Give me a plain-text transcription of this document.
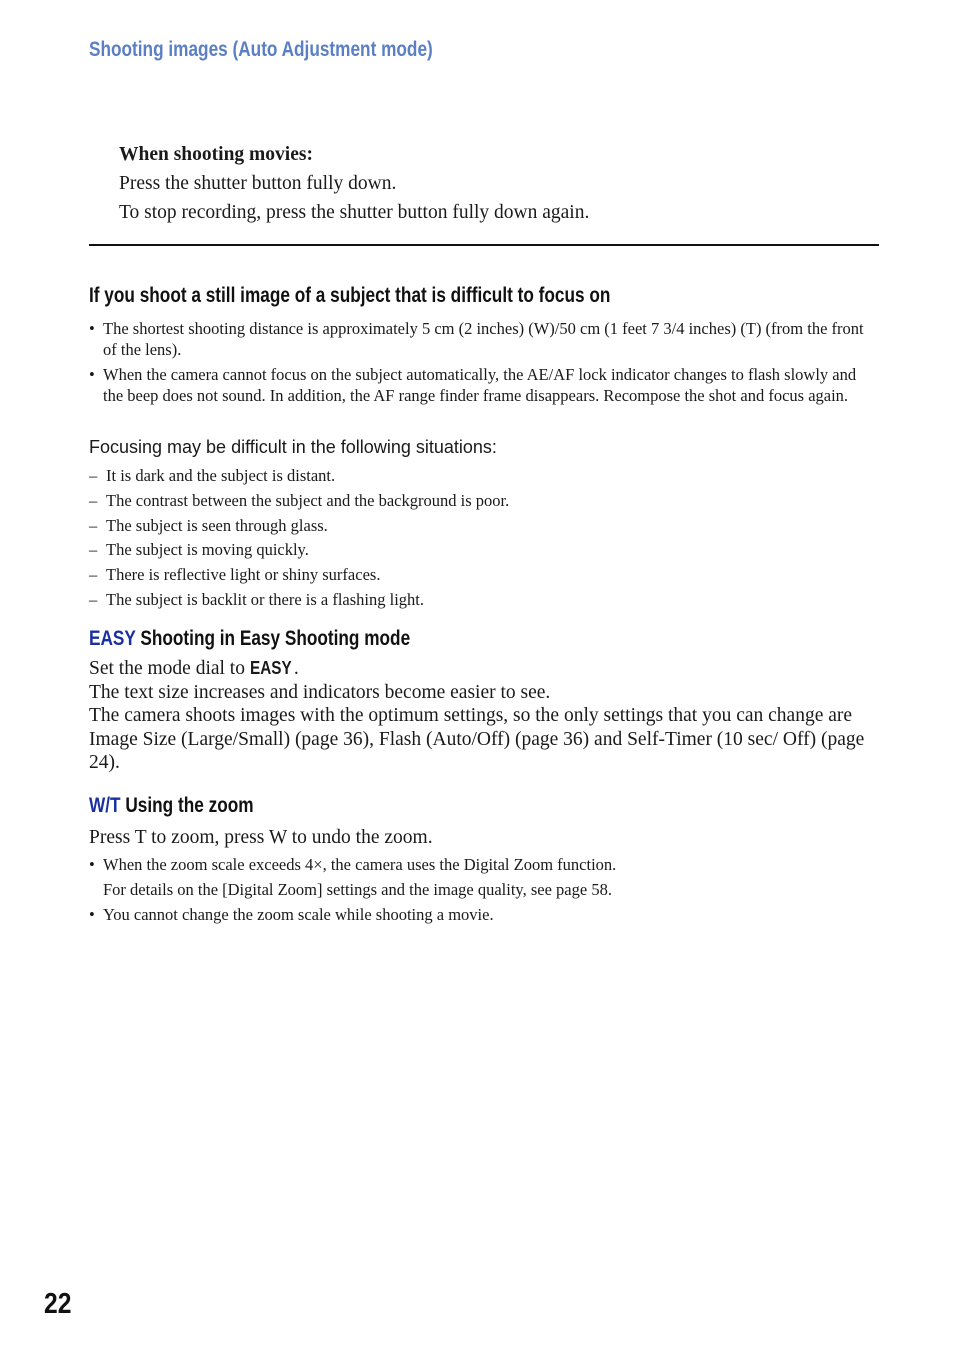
Shooting images (Auto Adjustment mode)
When shooting movies:
Press the shutter button fully down.
To stop recording, press the shutter button fully down again.
If you shoot a still image of a subject that is difficult to focus on
• The shortest shooting distance is approximately 5 cm (2 inches) (W)/50 cm (1 feet 7 3/4 inches) (T) (from the front of the lens).
• When the camera cannot focus on the subject automatically, the AE/AF lock indicator changes to flash slowly and the beep does not sound. In addition, the AF range finder frame disappears. Recompose the shot and focus again.
Focusing may be difficult in the following situations:
– It is dark and the subject is distant.
– The contrast between the subject and the background is poor.
– The subject is seen through glass.
– The subject is moving quickly.
– There is reflective light or shiny surfaces.
– The subject is backlit or there is a flashing light.
EASY Shooting in Easy Shooting mode

Set the mode dial to EASY .

The text size increases and indicators become easier to see.

The camera shoots images with the optimum settings, so the only settings that you can change are Image Size (Large/Small) (page 36), Flash (Auto/Off) (page 36) and Self-Timer (10 sec/ Off) (page 24).

W/T Using the zoom
Press T to zoom, press W to undo the zoom.
• When the zoom scale exceeds 4×, the camera uses the Digital Zoom function.
For details on the [Digital Zoom] settings and the image quality, see page 58.
• You cannot change the zoom scale while shooting a movie.
22
